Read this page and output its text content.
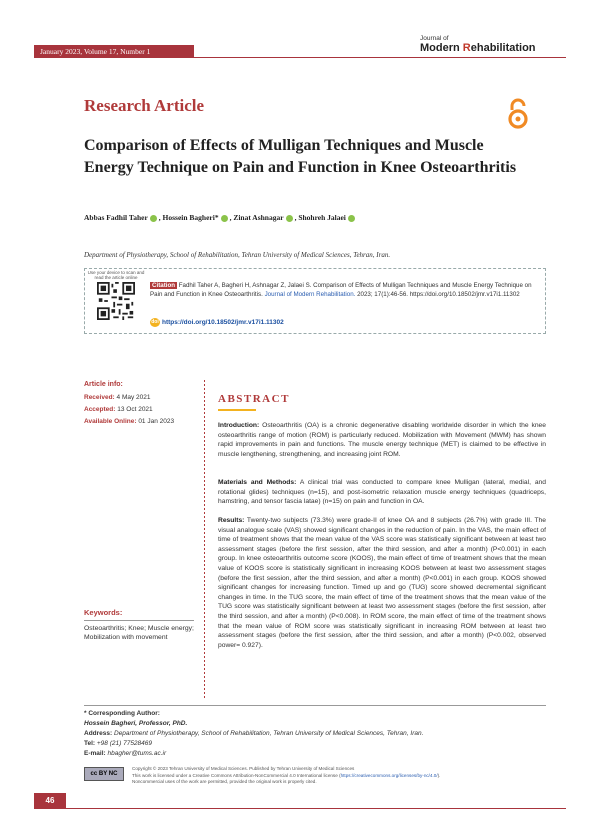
January 2023, Volume 17, Number 1
Journal of
Modern Rehabilitation
Research Article
Comparison of Effects of Mulligan Techniques and Muscle Energy Technique on Pain and Function in Knee Osteoarthritis
Abbas Fadhil Taher , Hossein Bagheri* , Zinat Ashnagar , Shohreh Jalaei
Department of Physiotherapy, School of Rehabilitation, Tehran University of Medical Sciences, Tehran, Iran.
Use your device to scan and read the article online
Citation Fadhil Taher A, Bagheri H, Ashnagar Z, Jalaei S. Comparison of Effects of Mulligan Techniques and Muscle Energy Technique on Pain and Function in Knee Osteoarthritis. Journal of Modern Rehabilitation. 2023; 17(1):46-56. https://doi.org/10.18502/jmr.v17i1.11302
doi https://doi.org/10.18502/jmr.v17i1.11302
Article info:
Received: 4 May 2021
Accepted: 13 Oct 2021
Available Online: 01 Jan 2023
Keywords:
Osteoarthritis; Knee; Muscle energy; Mobilization with movement
ABSTRACT
Introduction: Osteoarthritis (OA) is a chronic degenerative disabling worldwide disorder in which the knee osteoarthritis range of motion (ROM) is particularly reduced. Mobilization with Movement (MWM) has shown rapid improvements in pain and functions. The muscle energy technique (MET) is claimed to be effective in muscle lengthening, strengthening, and increasing joint ROM.
Materials and Methods: A clinical trial was conducted to compare knee Mulligan (lateral, medial, and rotational glides) techniques (n=15), and post-isometric relaxation muscle energy techniques (quadriceps, hamstring, and tensor fascia latae) (n=15) on pain and function in OA.
Results: Twenty-two subjects (73.3%) were grade-II of knee OA and 8 subjects (26.7%) with grade III. The visual analogue scale (VAS) showed significant changes in the reduction of pain. In the VAS, the main effect of time of treatment shows that the mean value of the VAS score was statistically significant between at least two assessment stages (before the first session, after the third session, and after a month) (P<0.001) in each group. In knee osteoarthritis outcome score (KOOS), the main effect of time of treatment shows that the mean value of KOOS score is statistically significant in increasing KOOS between at least two assessment stages (before the first session, after the third session, and after a month) (P<0.001) in each group. KOOS showed significant changes for increasing function. Timed up and go (TUG) score showed decremental significant changes in time. In the TUG score, the main effect of time of the treatment shows that the mean value of the TUG score was statistically significant between at least two assessment stages (before the first session, after the third session, and after a month) (P<0.008). In ROM score, the main effect of time of the treatment shows that the mean value of ROM score was statistically significant in increasing ROM between at least two assessment stages (before the first session, after the third session, and after a month) (P<0.002, observed power= 0.927).
* Corresponding Author:
Hossein Bagheri, Professor, PhD.
Address: Department of Physiotherapy, School of Rehabilitation, Tehran University of Medical Sciences, Tehran, Iran.
Tel: +98 (21) 77528469
E-mail: hbagher@tums.ac.ir
cc BY NC
Copyright © 2023 Tehran University of Medical Sciences. Published by Tehran University of Medical Sciences
This work is licensed under a Creative Commons Attribution-NonCommercial 4.0 International license (https://creativecommons.org/licenses/by-nc/4.0/).
Noncommercial uses of the work are permitted, provided the original work is properly cited.
46
